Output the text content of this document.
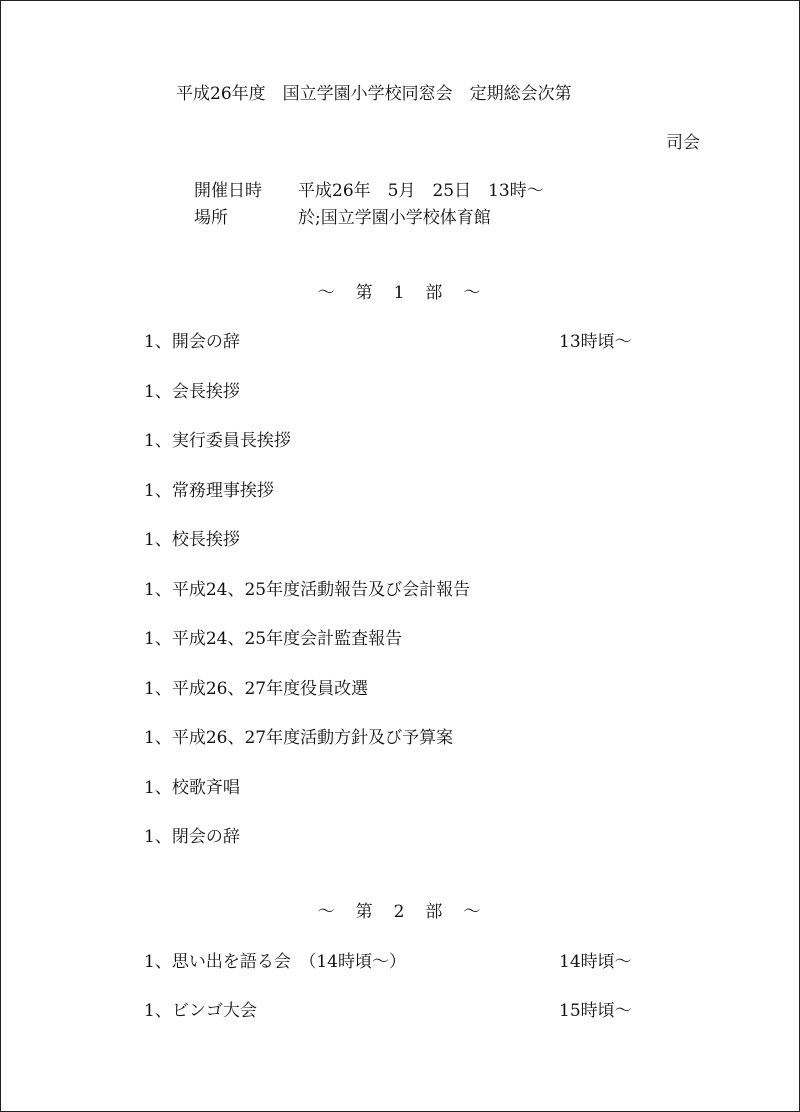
平成26年度　国立学園小学校同窓会　定期総会次第
司会
開催日時 平成26年　5月　25日　13時〜
場所	於;国立学園小学校体育館
〜　第　1　部　〜
1、開会の辞	13時頃〜
1、会長挨拶
1、実行委員長挨拶
1、常務理事挨拶
1、校長挨拶
1、平成24、25年度活動報告及び会計報告
1、平成24、25年度会計監査報告
1、平成26、27年度役員改選
1、平成26、27年度活動方針及び予算案
1、校歌斉唱
1、閉会の辞
〜　第　2　部　〜
1、思い出を語る会　（14時頃〜）	14時頃〜
1、ビンゴ大会	15時頃〜
